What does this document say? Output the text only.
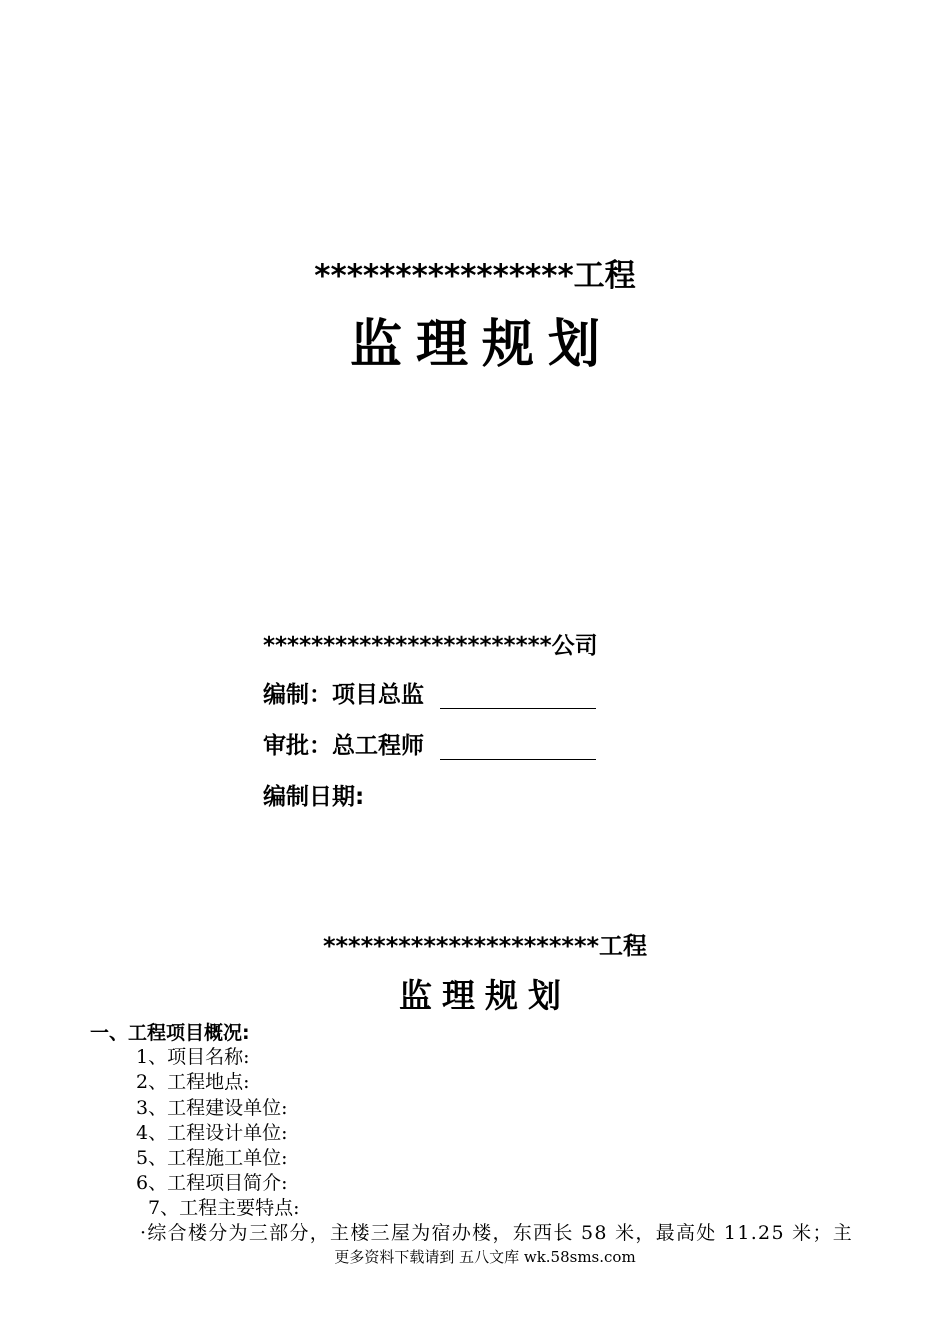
****************工程
监理规划
************************公司
编制：项目总监
审批：总工程师
编制日期:
**********************工程
监理规划
一、工程项目概况:
1、项目名称:
2、工程地点:
3、工程建设单位:
4、工程设计单位:
5、工程施工单位:
6、工程项目简介:
7、工程主要特点:
·综合楼分为三部分，主楼三屋为宿办楼，东西长 58 米，最高处 11.25 米；主
更多资料下载请到 五八文库 wk.58sms.com
